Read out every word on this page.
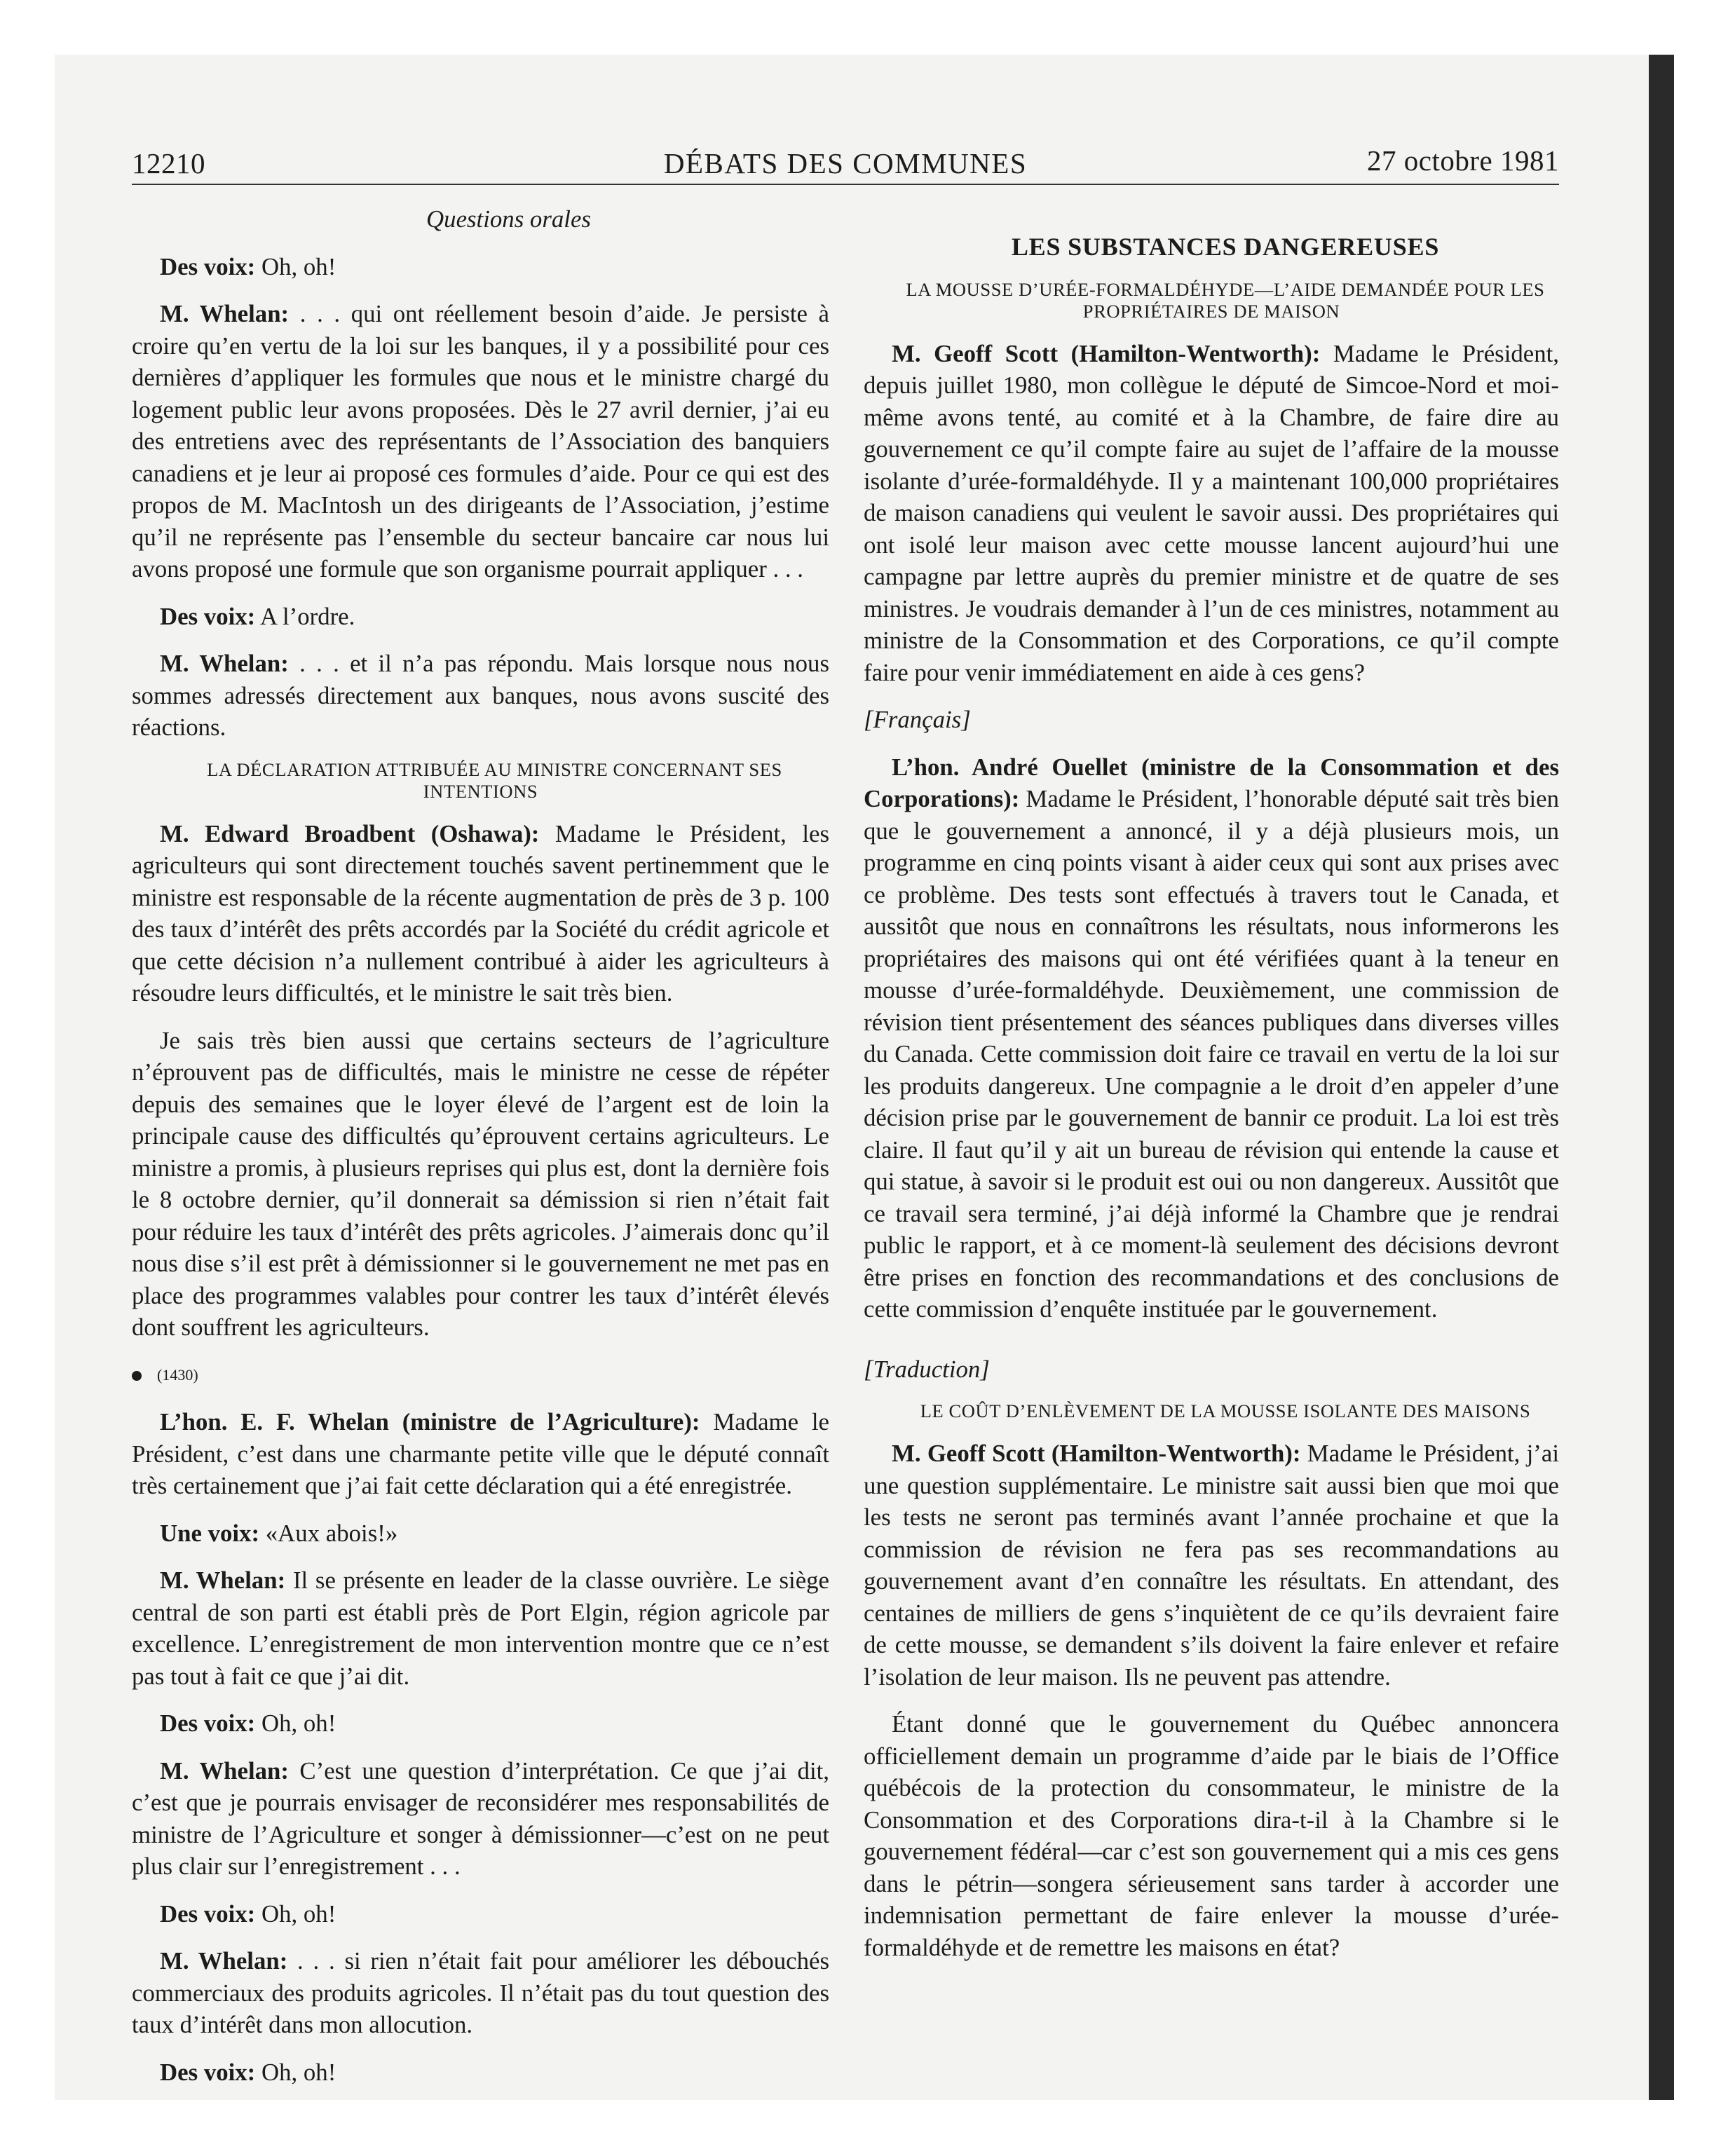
12210	DÉBATS DES COMMUNES	27 octobre 1981

Questions orales

Des voix: Oh, oh!

M. Whelan: . . . qui ont réellement besoin d’aide. Je persiste à croire qu’en vertu de la loi sur les banques, il y a possibilité pour ces dernières d’appliquer les formules que nous et le ministre chargé du logement public leur avons proposées. Dès le 27 avril dernier, j’ai eu des entretiens avec des représentants de l’Association des banquiers canadiens et je leur ai proposé ces formules d’aide. Pour ce qui est des propos de M. MacIntosh un des dirigeants de l’Association, j’estime qu’il ne représente pas l’ensemble du secteur bancaire car nous lui avons proposé une formule que son organisme pourrait appliquer . . .

Des voix: A l’ordre.

M. Whelan: . . . et il n’a pas répondu. Mais lorsque nous nous sommes adressés directement aux banques, nous avons suscité des réactions.

LA DÉCLARATION ATTRIBUÉE AU MINISTRE CONCERNANT SES INTENTIONS

M. Edward Broadbent (Oshawa): Madame le Président, les agriculteurs qui sont directement touchés savent pertinemment que le ministre est responsable de la récente augmentation de près de 3 p. 100 des taux d’intérêt des prêts accordés par la Société du crédit agricole et que cette décision n’a nullement contribué à aider les agriculteurs à résoudre leurs difficultés, et le ministre le sait très bien.

Je sais très bien aussi que certains secteurs de l’agriculture n’éprouvent pas de difficultés, mais le ministre ne cesse de répéter depuis des semaines que le loyer élevé de l’argent est de loin la principale cause des difficultés qu’éprouvent certains agriculteurs. Le ministre a promis, à plusieurs reprises qui plus est, dont la dernière fois le 8 octobre dernier, qu’il donnerait sa démission si rien n’était fait pour réduire les taux d’intérêt des prêts agricoles. J’aimerais donc qu’il nous dise s’il est prêt à démissionner si le gouvernement ne met pas en place des programmes valables pour contrer les taux d’intérêt élevés dont souffrent les agriculteurs.

(1430)

L’hon. E. F. Whelan (ministre de l’Agriculture): Madame le Président, c’est dans une charmante petite ville que le député connaît très certainement que j’ai fait cette déclaration qui a été enregistrée.

Une voix: «Aux abois!»

M. Whelan: Il se présente en leader de la classe ouvrière. Le siège central de son parti est établi près de Port Elgin, région agricole par excellence. L’enregistrement de mon intervention montre que ce n’est pas tout à fait ce que j’ai dit.

Des voix: Oh, oh!

M. Whelan: C’est une question d’interprétation. Ce que j’ai dit, c’est que je pourrais envisager de reconsidérer mes responsabilités de ministre de l’Agriculture et songer à démissionner—c’est on ne peut plus clair sur l’enregistrement . . .

Des voix: Oh, oh!

M. Whelan: . . . si rien n’était fait pour améliorer les débouchés commerciaux des produits agricoles. Il n’était pas du tout question des taux d’intérêt dans mon allocution.

Des voix: Oh, oh!

LES SUBSTANCES DANGEREUSES

LA MOUSSE D’URÉE-FORMALDÉHYDE—L’AIDE DEMANDÉE POUR LES PROPRIÉTAIRES DE MAISON

M. Geoff Scott (Hamilton-Wentworth): Madame le Président, depuis juillet 1980, mon collègue le député de Simcoe-Nord et moi-même avons tenté, au comité et à la Chambre, de faire dire au gouvernement ce qu’il compte faire au sujet de l’affaire de la mousse isolante d’urée-formaldéhyde. Il y a maintenant 100,000 propriétaires de maison canadiens qui veulent le savoir aussi. Des propriétaires qui ont isolé leur maison avec cette mousse lancent aujourd’hui une campagne par lettre auprès du premier ministre et de quatre de ses ministres. Je voudrais demander à l’un de ces ministres, notamment au ministre de la Consommation et des Corporations, ce qu’il compte faire pour venir immédiatement en aide à ces gens?

[Français]

L’hon. André Ouellet (ministre de la Consommation et des Corporations): Madame le Président, l’honorable député sait très bien que le gouvernement a annoncé, il y a déjà plusieurs mois, un programme en cinq points visant à aider ceux qui sont aux prises avec ce problème. Des tests sont effectués à travers tout le Canada, et aussitôt que nous en connaîtrons les résultats, nous informerons les propriétaires des maisons qui ont été vérifiées quant à la teneur en mousse d’urée-formaldéhyde. Deuxièmement, une commission de révision tient présentement des séances publiques dans diverses villes du Canada. Cette commission doit faire ce travail en vertu de la loi sur les produits dangereux. Une compagnie a le droit d’en appeler d’une décision prise par le gouvernement de bannir ce produit. La loi est très claire. Il faut qu’il y ait un bureau de révision qui entende la cause et qui statue, à savoir si le produit est oui ou non dangereux. Aussitôt que ce travail sera terminé, j’ai déjà informé la Chambre que je rendrai public le rapport, et à ce moment-là seulement des décisions devront être prises en fonction des recommandations et des conclusions de cette commission d’enquête instituée par le gouvernement.

[Traduction]

LE COÛT D’ENLÈVEMENT DE LA MOUSSE ISOLANTE DES MAISONS

M. Geoff Scott (Hamilton-Wentworth): Madame le Président, j’ai une question supplémentaire. Le ministre sait aussi bien que moi que les tests ne seront pas terminés avant l’année prochaine et que la commission de révision ne fera pas ses recommandations au gouvernement avant d’en connaître les résultats. En attendant, des centaines de milliers de gens s’inquiètent de ce qu’ils devraient faire de cette mousse, se demandent s’ils doivent la faire enlever et refaire l’isolation de leur maison. Ils ne peuvent pas attendre.

Étant donné que le gouvernement du Québec annoncera officiellement demain un programme d’aide par le biais de l’Office québécois de la protection du consommateur, le ministre de la Consommation et des Corporations dira-t-il à la Chambre si le gouvernement fédéral—car c’est son gouvernement qui a mis ces gens dans le pétrin—songera sérieusement sans tarder à accorder une indemnisation permettant de faire enlever la mousse d’urée-formaldéhyde et de remettre les maisons en état?
